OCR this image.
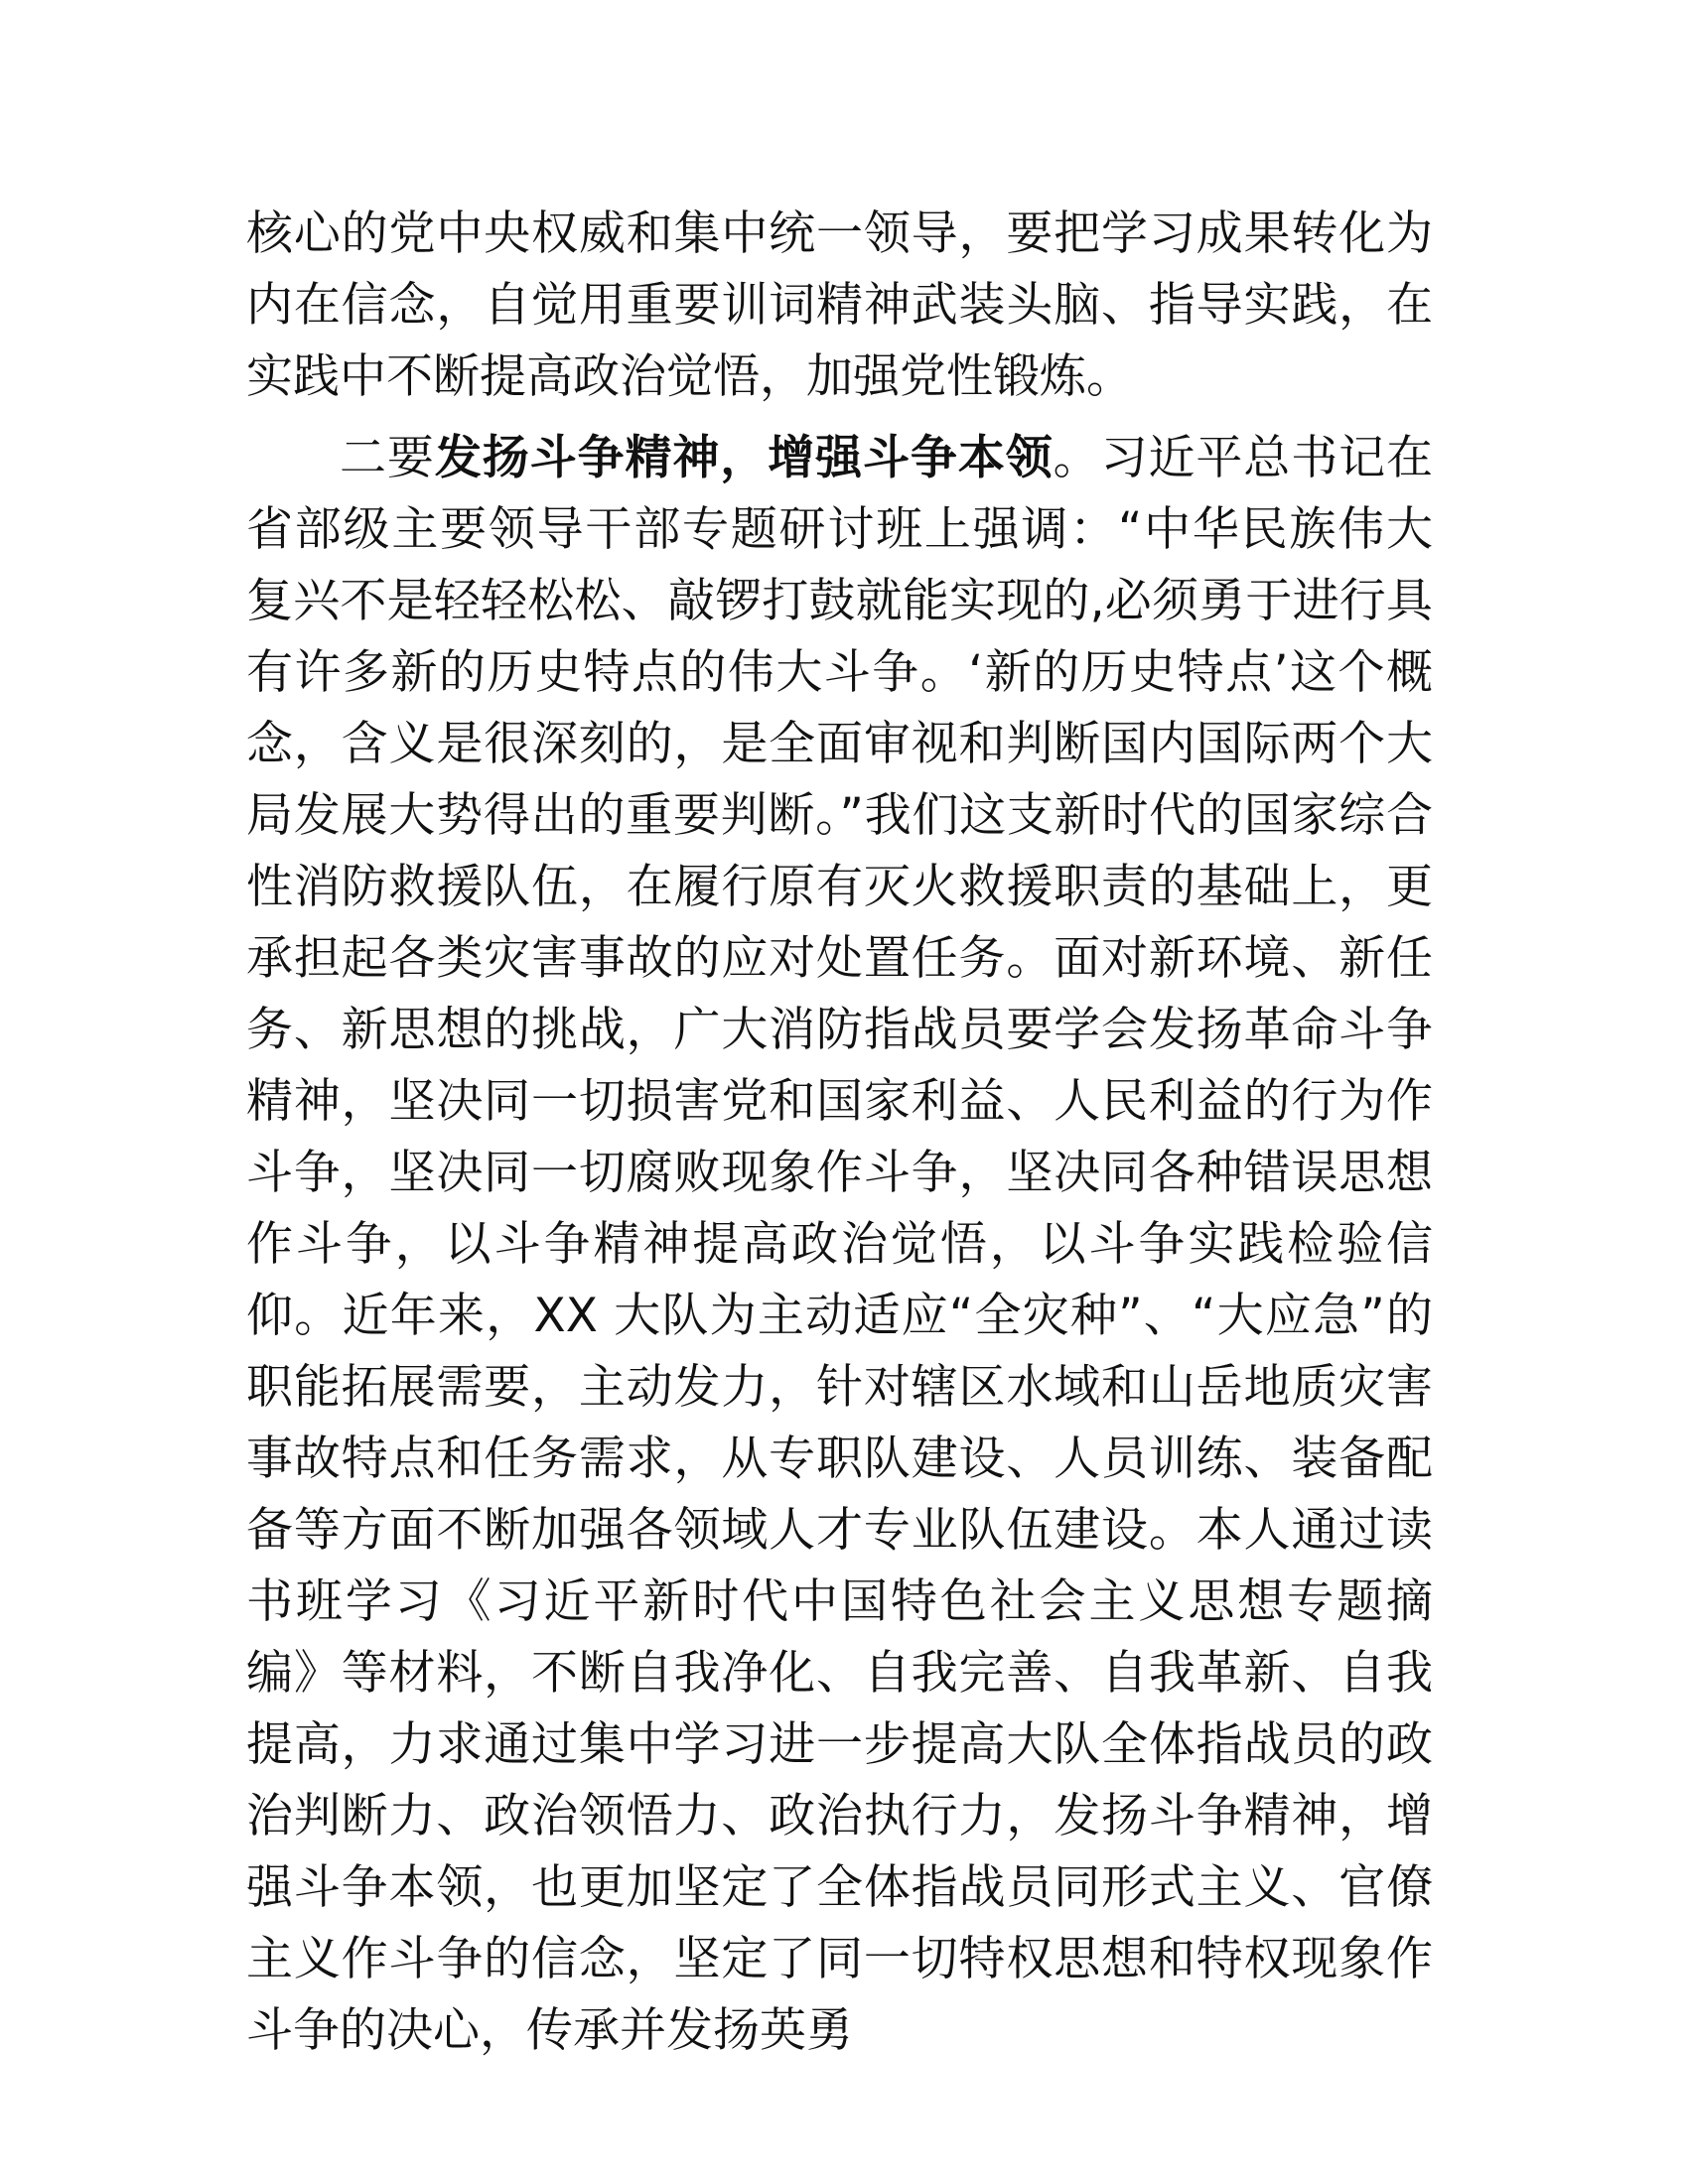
核心的党中央权威和集中统一领导，要把学习成果转化为内在信念，自觉用重要训词精神武装头脑、指导实践，在实践中不断提高政治觉悟，加强党性锻炼。

二要发扬斗争精神，增强斗争本领。习近平总书记在省部级主要领导干部专题研讨班上强调：“中华民族伟大复兴不是轻轻松松、敲锣打鼓就能实现的,必须勇于进行具有许多新的历史特点的伟大斗争。‘新的历史特点’这个概念，含义是很深刻的，是全面审视和判断国内国际两个大局发展大势得出的重要判断。”我们这支新时代的国家综合性消防救援队伍，在履行原有灭火救援职责的基础上，更承担起各类灾害事故的应对处置任务。面对新环境、新任务、新思想的挑战，广大消防指战员要学会发扬革命斗争精神，坚决同一切损害党和国家利益、人民利益的行为作斗争，坚决同一切腐败现象作斗争，坚决同各种错误思想作斗争，以斗争精神提高政治觉悟，以斗争实践检验信仰。近年来，XX 大队为主动适应“全灾种”、“大应急”的职能拓展需要，主动发力，针对辖区水域和山岳地质灾害事故特点和任务需求，从专职队建设、人员训练、装备配备等方面不断加强各领域人才专业队伍建设。本人通过读书班学习《习近平新时代中国特色社会主义思想专题摘编》等材料，不断自我净化、自我完善、自我革新、自我提高，力求通过集中学习进一步提高大队全体指战员的政治判断力、政治领悟力、政治执行力，发扬斗争精神，增强斗争本领，也更加坚定了全体指战员同形式主义、官僚主义作斗争的信念，坚定了同一切特权思想和特权现象作斗争的决心，传承并发扬英勇
